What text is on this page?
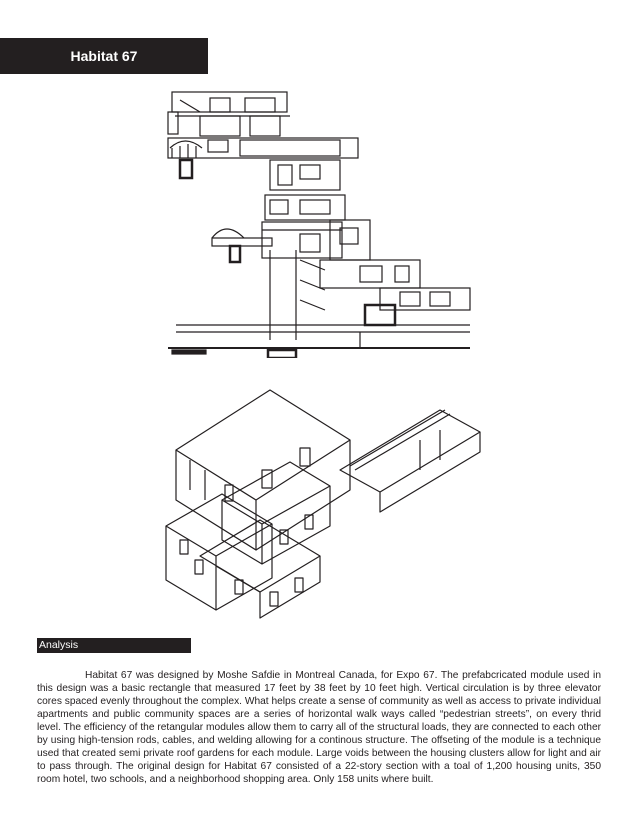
Habitat 67
Analysis

Habitat 67 was designed by Moshe Safdie in Montreal Canada, for Expo 67. The prefabcricated module used in this design was a basic rectangle that measured 17 feet by 38 feet by 10 feet high. Vertical circulation is by three elevator cores spaced evenly throughout the complex. What helps create a sense of community as well as access to private individual apartments and public community spaces are a series of horizontal walk ways called “pedestrian streets”, on every thrid level. The efficiency of the retangular modules allow them to carry all of the structural loads, they are connected to each other by using high-tension rods, cables, and welding allowing for a continous structure. The offseting of the module is a technique used that created semi private roof gardens for each module. Large voids between the housing clusters allow for light and air to pass through. The original design for Habitat 67 consisted of a 22-story section with a toal of 1,200 housing units, 350 room hotel, two schools, and a neighborhood shopping area. Only 158 units where built.
